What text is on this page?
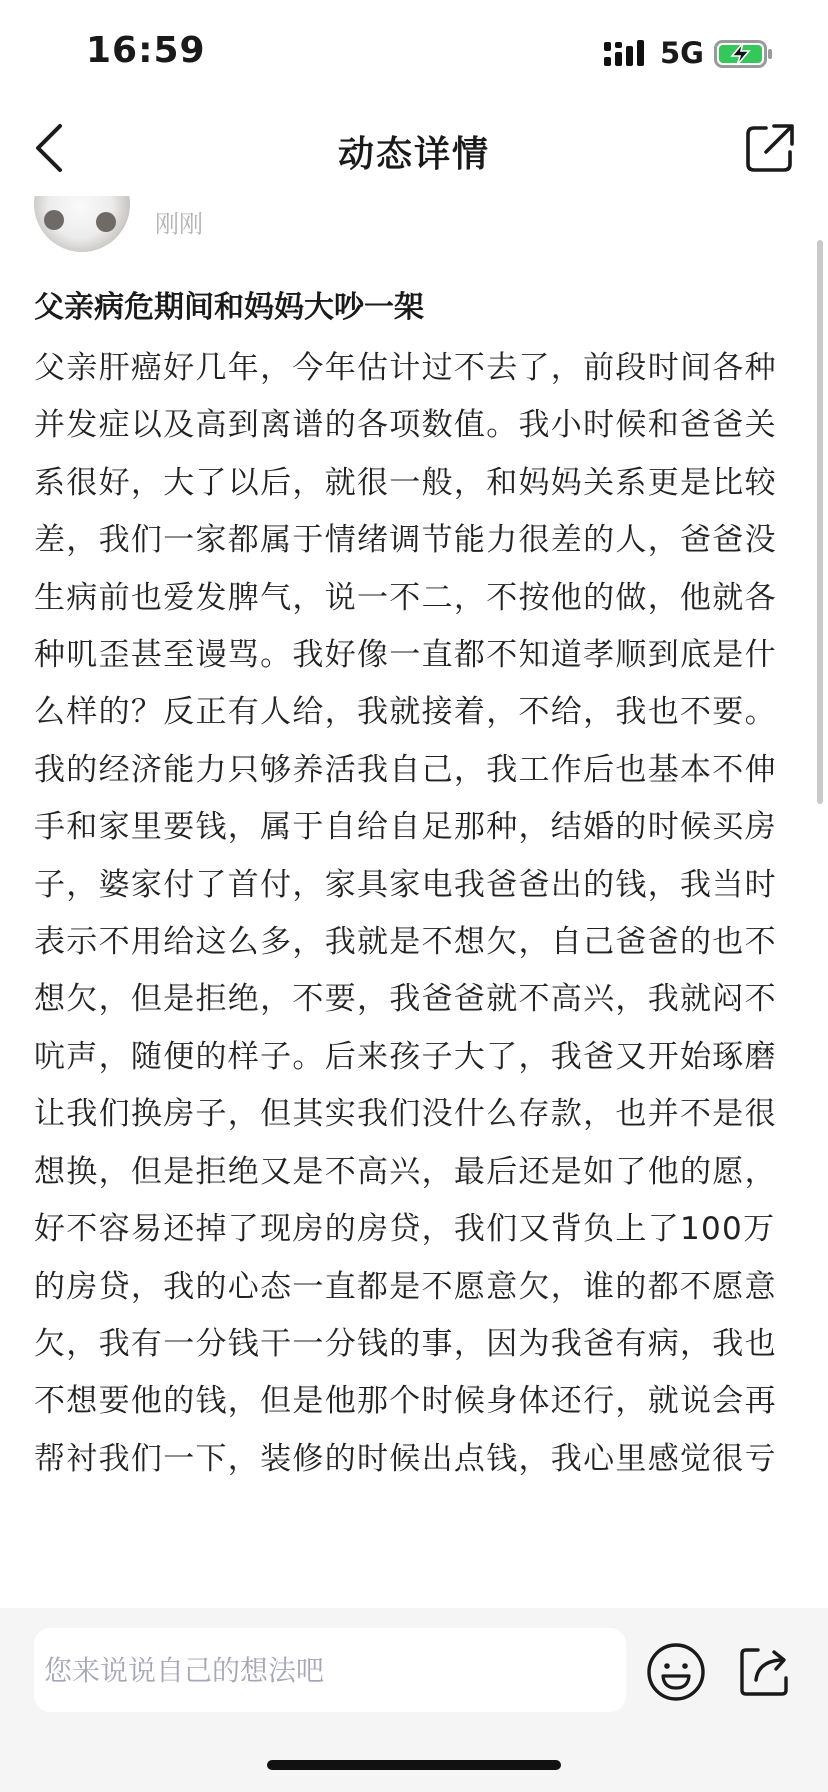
16:59	5G
动态详情
刚刚
父亲病危期间和妈妈大吵一架
父亲肝癌好几年，今年估计过不去了，前段时间各种并发症以及高到离谱的各项数值。我小时候和爸爸关系很好，大了以后，就很一般，和妈妈关系更是比较差，我们一家都属于情绪调节能力很差的人，爸爸没生病前也爱发脾气，说一不二，不按他的做，他就各种叽歪甚至谩骂。我好像一直都不知道孝顺到底是什么样的？反正有人给，我就接着，不给，我也不要。我的经济能力只够养活我自己，我工作后也基本不伸手和家里要钱，属于自给自足那种，结婚的时候买房子，婆家付了首付，家具家电我爸爸出的钱，我当时表示不用给这么多，我就是不想欠，自己爸爸的也不想欠，但是拒绝，不要，我爸爸就不高兴，我就闷不吭声，随便的样子。后来孩子大了，我爸又开始琢磨让我们换房子，但其实我们没什么存款，也并不是很想换，但是拒绝又是不高兴，最后还是如了他的愿，好不容易还掉了现房的房贷，我们又背负上了100万的房贷，我的心态一直都是不愿意欠，谁的都不愿意欠，我有一分钱干一分钱的事，因为我爸有病，我也不想要他的钱，但是他那个时候身体还行，就说会再帮衬我们一下，装修的时候出点钱，我心里感觉很亏
您来说说自己的想法吧
